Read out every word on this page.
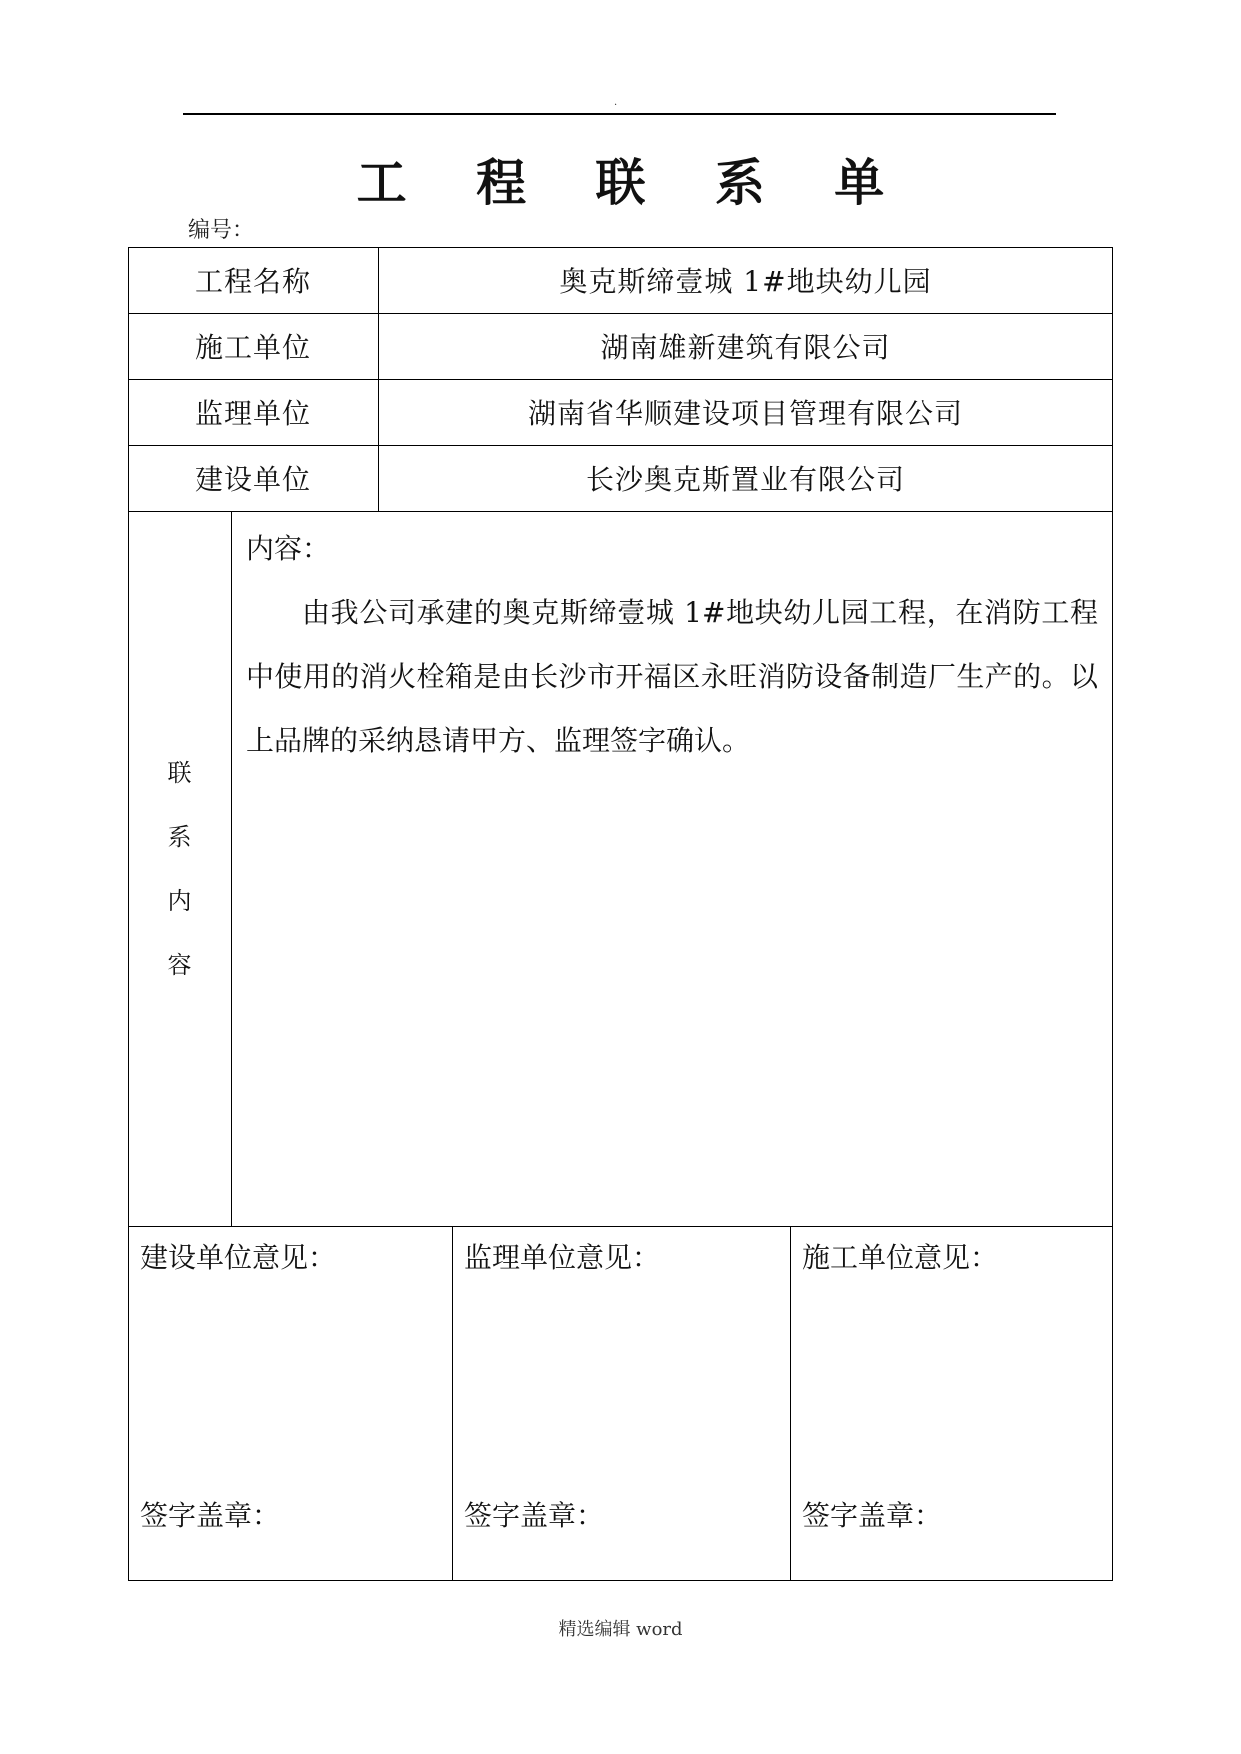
.
工 程 联 系 单
编号：
工程名称	奥克斯缔壹城 1#地块幼儿园
施工单位	湖南雄新建筑有限公司
监理单位	湖南省华顺建设项目管理有限公司
建设单位	长沙奥克斯置业有限公司
联
系
内
容
内容：

由我公司承建的奥克斯缔壹城 1#地块幼儿园工程，在消防工程中使用的消火栓箱是由长沙市开福区永旺消防设备制造厂生产的。以上品牌的采纳恳请甲方、监理签字确认。

建设单位意见：
签字盖章：
监理单位意见：
签字盖章：
施工单位意见：
签字盖章：
精选编辑 word
